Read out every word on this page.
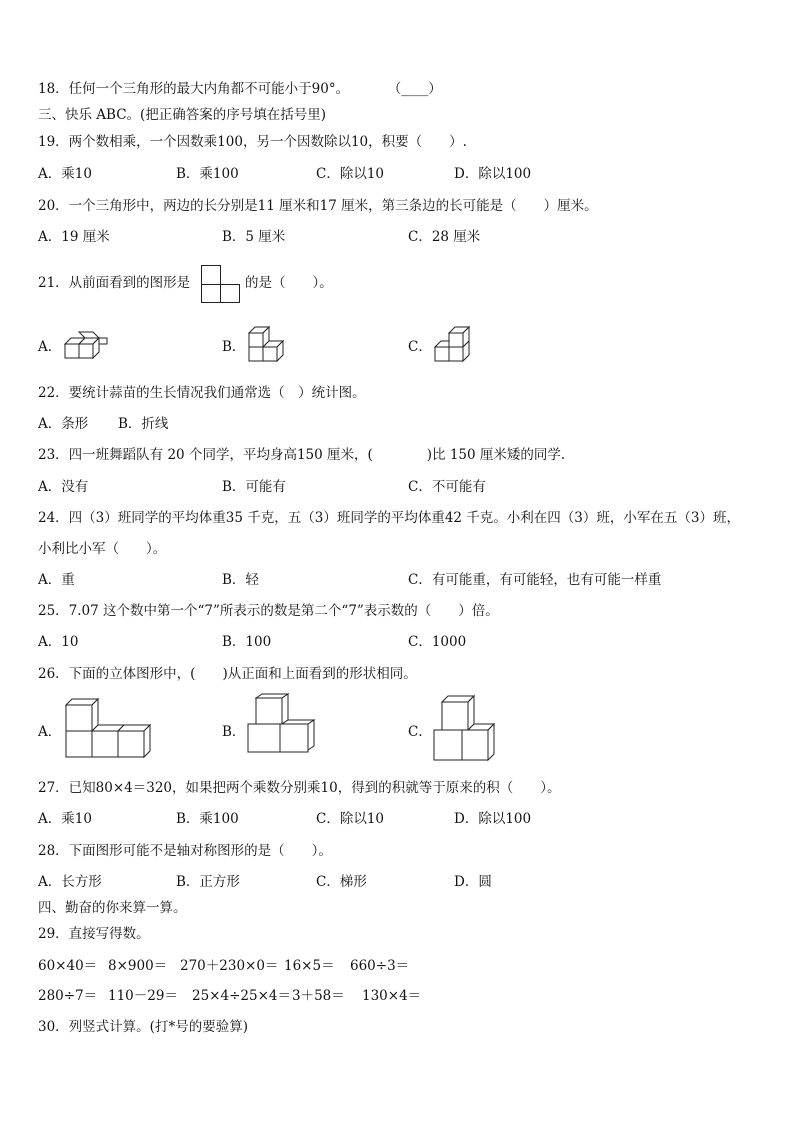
18．任何一个三角形的最大内角都不可能小于90°。	（____）
三、快乐 ABC。(把正确答案的序号填在括号里)
19．两个数相乘，一个因数乘100，另一个因数除以10，积要（　　）.
A．乘10	B．乘100	C．除以10	D．除以100
20．一个三角形中，两边的长分别是11 厘米和17 厘米，第三条边的长可能是（　　）厘米。
A．19 厘米	B．5 厘米	C．28 厘米
21．从前面看到的图形是	的是（　　）。
A．	B．	C．
22．要统计蒜苗的生长情况我们通常选（　）统计图。
A．条形 B．折线
23．四一班舞蹈队有 20 个同学，平均身高150 厘米，(　　　　)比 150 厘米矮的同学.
A．没有	B．可能有	C．不可能有
24．四（3）班同学的平均体重35 千克，五（3）班同学的平均体重42 千克。小利在四（3）班，小军在五（3）班，
小利比小军（　　）。
A．重	B．轻	C．有可能重，有可能轻，也有可能一样重
25．7.07 这个数中第一个“7”所表示的数是第二个“7”表示数的（　　）倍。
A．10	B．100	C．1000
26．下面的立体图形中，(　　)从正面和上面看到的形状相同。
A．	B．	C．
27．已知80×4＝320，如果把两个乘数分别乘10，得到的积就等于原来的积（　　）。
A．乘10	B．乘100	C．除以10	D．除以100
28．下面图形可能不是轴对称图形的是（　　）。
A．长方形	B．正方形	C．梯形	D．圆
四、勤奋的你来算一算。
29．直接写得数。
60×40＝ 8×900＝ 270＋230×0＝ 16×5＝ 660÷3＝
280÷7＝ 110－29＝ 25×4÷25×4＝ 3＋58＝ 130×4＝
30．列竖式计算。(打*号的要验算)
